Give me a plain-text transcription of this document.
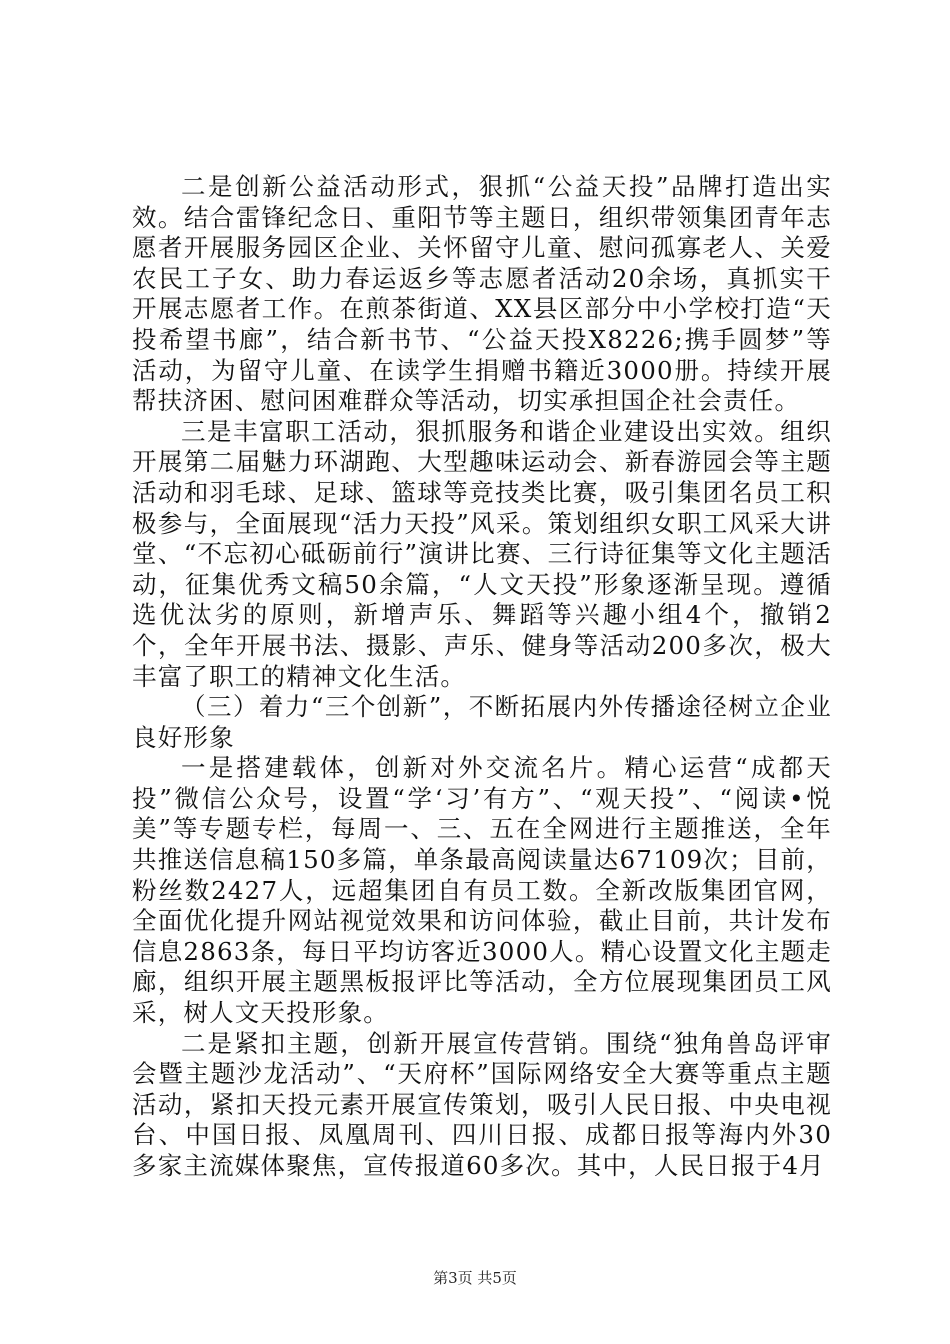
二是创新公益活动形式，狠抓“公益天投”品牌打造出实效。结合雷锋纪念日、重阳节等主题日，组织带领集团青年志愿者开展服务园区企业、关怀留守儿童、慰问孤寡老人、关爱农民工子女、助力春运返乡等志愿者活动20余场，真抓实干开展志愿者工作。在煎茶街道、XX县区部分中小学校打造“天投希望书廊”，结合新书节、“公益天投X8226;携手圆梦”等活动，为留守儿童、在读学生捐赠书籍近3000册。持续开展帮扶济困、慰问困难群众等活动，切实承担国企社会责任。

三是丰富职工活动，狠抓服务和谐企业建设出实效。组织开展第二届魅力环湖跑、大型趣味运动会、新春游园会等主题活动和羽毛球、足球、篮球等竞技类比赛，吸引集团名员工积极参与，全面展现“活力天投”风采。策划组织女职工风采大讲堂、“不忘初心砥砺前行”演讲比赛、三行诗征集等文化主题活动，征集优秀文稿50余篇，“人文天投”形象逐渐呈现。遵循选优汰劣的原则，新增声乐、舞蹈等兴趣小组4个，撤销2个，全年开展书法、摄影、声乐、健身等活动200多次，极大丰富了职工的精神文化生活。

（三）着力“三个创新”，不断拓展内外传播途径树立企业良好形象

一是搭建载体，创新对外交流名片。精心运营“成都天投”微信公众号，设置“学‘习’有方”、“观天投”、“阅读•悦美”等专题专栏，每周一、三、五在全网进行主题推送，全年共推送信息稿150多篇，单条最高阅读量达67109次；目前，粉丝数2427人，远超集团自有员工数。全新改版集团官网，全面优化提升网站视觉效果和访问体验，截止目前，共计发布信息2863条，每日平均访客近3000人。精心设置文化主题走廊，组织开展主题黑板报评比等活动，全方位展现集团员工风采，树人文天投形象。

二是紧扣主题，创新开展宣传营销。围绕“独角兽岛评审会暨主题沙龙活动”、“天府杯”国际网络安全大赛等重点主题活动，紧扣天投元素开展宣传策划，吸引人民日报、中央电视台、中国日报、凤凰周刊、四川日报、成都日报等海内外30多家主流媒体聚焦，宣传报道60多次。其中，人民日报于4月

第3页 共5页
